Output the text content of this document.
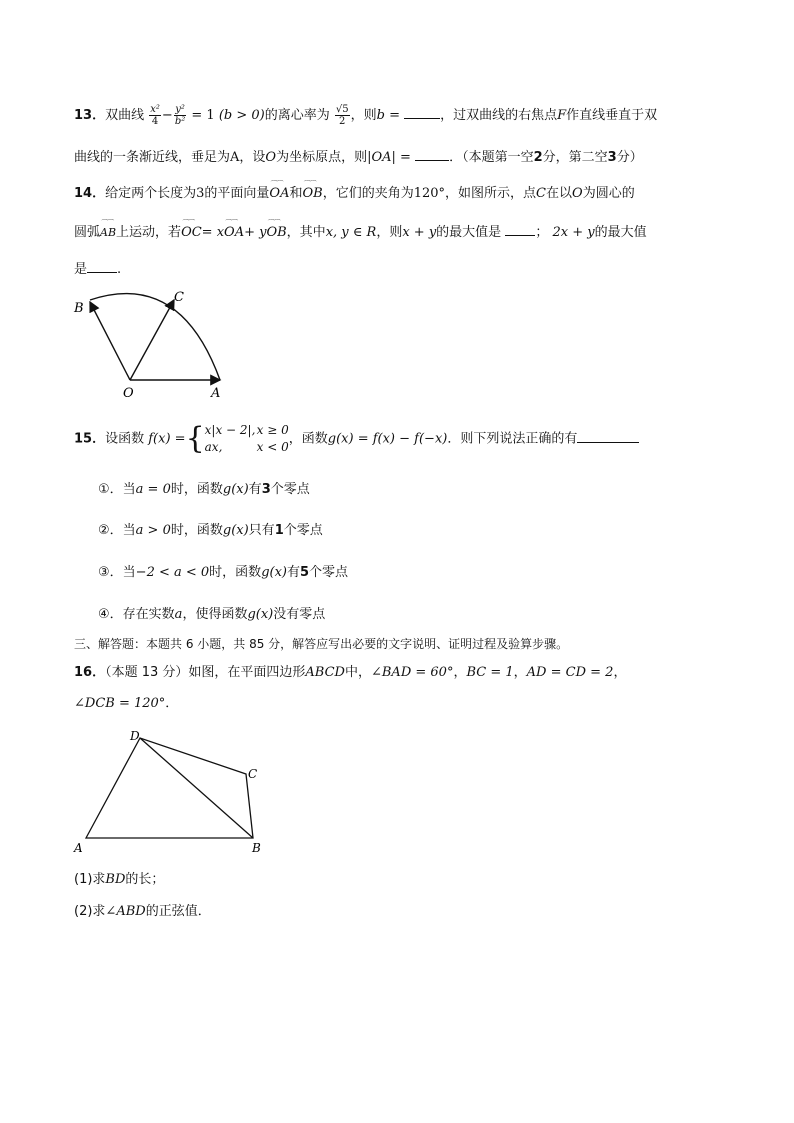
13．双曲线 $\frac{\text{x²}}{4} - \frac{\text{y²}}{\text{b²}} = 1$ (b > 0)的离心率为 $\frac{√5}{2}$ ，则b =	，过双曲线的右焦点F作直线垂直于双
曲线的一条渐近线，垂足为A，设O为坐标原点，则|OA| =	．（本题第一空2分，第二空3分）
14．给定两个长度为3的平面向量⌒⌒ OA和⌒⌒ OB，它们的夹角为120°，如图所示，点C在以O为圆心的
圆弧⌒⌒ AB上运动，若⌒⌒ OC= x⌒⌒ OA+ y⌒⌒ OB，其中x, y ∈ R，则x + y的最大值是	； 2x + y的最大值
是 .
B
C
O	A
15．设函数 f(x) ={ x|x − 2|,x ≥ 0
ax,	x < 0
，函数g(x) = f(x) − f(−x)．则下列说法正确的有
①．当a = 0时，函数g(x)有3个零点
②．当a > 0时，函数g(x)只有1个零点
③．当−2 < a < 0时，函数g(x)有5个零点
④．存在实数a，使得函数g(x)没有零点
三、解答题：本题共 6 小题，共 85 分，解答应写出必要的文字说明、证明过程及验算步骤。
16．（本题 13 分）如图，在平面四边形ABCD中，∠BAD = 60°，BC = 1，AD = CD = 2，
∠DCB = 120°．
D
C
A	B
(1)求BD的长；
(2)求∠ABD的正弦值．
